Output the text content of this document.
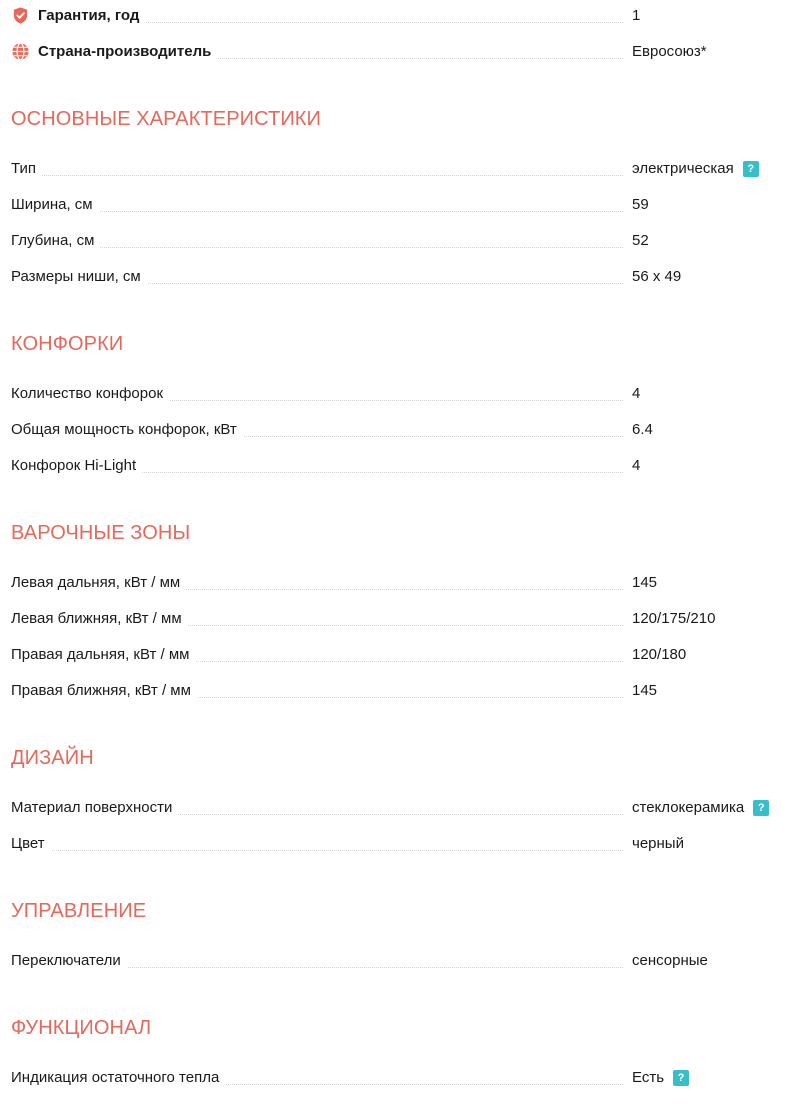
Гарантия, год	1
Страна-производитель	Евросоюз*
ОСНОВНЫЕ ХАРАКТЕРИСТИКИ
Тип	электрическая	?
Ширина, см	59
Глубина, см	52
Размеры ниши, см	56 x 49
КОНФОРКИ
Количество конфорок	4
Общая мощность конфорок, кВт	6.4
Конфорок Hi-Light	4
ВАРОЧНЫЕ ЗОНЫ
Левая дальняя, кВт / мм	145
Левая ближняя, кВт / мм	120/175/210
Правая дальняя, кВт / мм	120/180
Правая ближняя, кВт / мм	145
ДИЗАЙН
Материал поверхности	стеклокерамика	?
Цвет	черный
УПРАВЛЕНИЕ
Переключатели	сенсорные
ФУНКЦИОНАЛ
Индикация остаточного тепла	Есть	?
